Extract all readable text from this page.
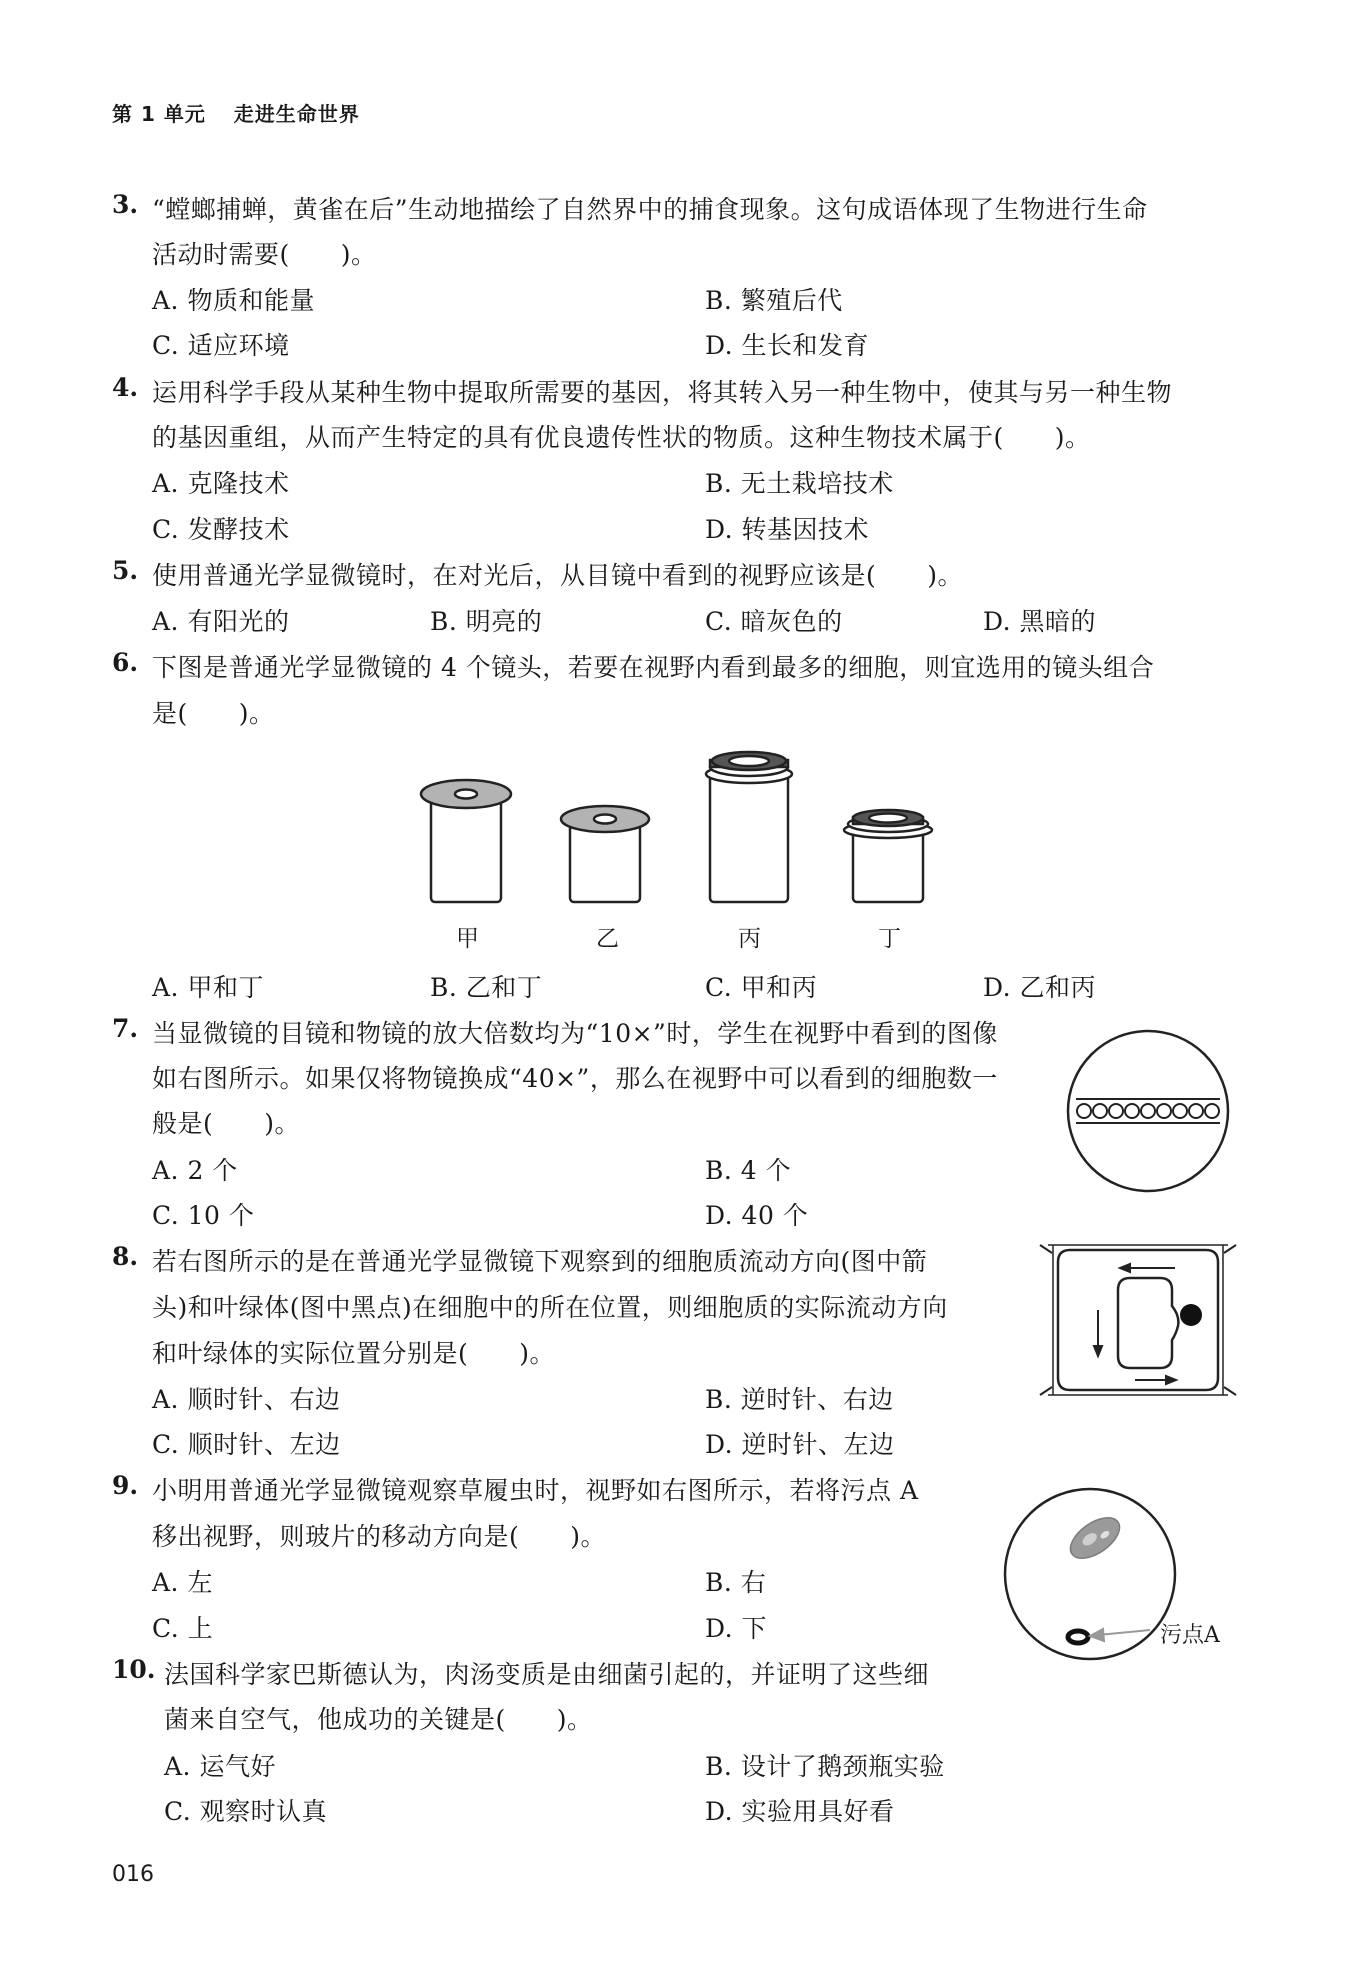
第 1 单元 走进生命世界
3. “螳螂捕蝉，黄雀在后”生动地描绘了自然界中的捕食现象。这句成语体现了生物进行生命
活动时需要(　　)。
A. 物质和能量	B. 繁殖后代
C. 适应环境	D. 生长和发育
4. 运用科学手段从某种生物中提取所需要的基因，将其转入另一种生物中，使其与另一种生物
的基因重组，从而产生特定的具有优良遗传性状的物质。这种生物技术属于(　　)。
A. 克隆技术	B. 无土栽培技术
C. 发酵技术	D. 转基因技术
5. 使用普通光学显微镜时，在对光后，从目镜中看到的视野应该是(　　)。
A. 有阳光的	B. 明亮的	C. 暗灰色的	D. 黑暗的
6. 下图是普通光学显微镜的 4 个镜头，若要在视野内看到最多的细胞，则宜选用的镜头组合
是(　　)。
甲	乙	丙	丁
A. 甲和丁	B. 乙和丁	C. 甲和丙	D. 乙和丙
7. 当显微镜的目镜和物镜的放大倍数均为“10×”时，学生在视野中看到的图像
如右图所示。如果仅将物镜换成“40×”，那么在视野中可以看到的细胞数一
般是(　　)。
A. 2 个	B. 4 个
C. 10 个	D. 40 个
8. 若右图所示的是在普通光学显微镜下观察到的细胞质流动方向(图中箭
头)和叶绿体(图中黑点)在细胞中的所在位置，则细胞质的实际流动方向
和叶绿体的实际位置分别是(　　)。
A. 顺时针、右边	B. 逆时针、右边
C. 顺时针、左边	D. 逆时针、左边
9. 小明用普通光学显微镜观察草履虫时，视野如右图所示，若将污点 A
移出视野，则玻片的移动方向是(　　)。
污点A
A. 左	B. 右
C. 上	D. 下
10. 法国科学家巴斯德认为，肉汤变质是由细菌引起的，并证明了这些细
菌来自空气，他成功的关键是(　　)。
A. 运气好	B. 设计了鹅颈瓶实验
C. 观察时认真	D. 实验用具好看
016
